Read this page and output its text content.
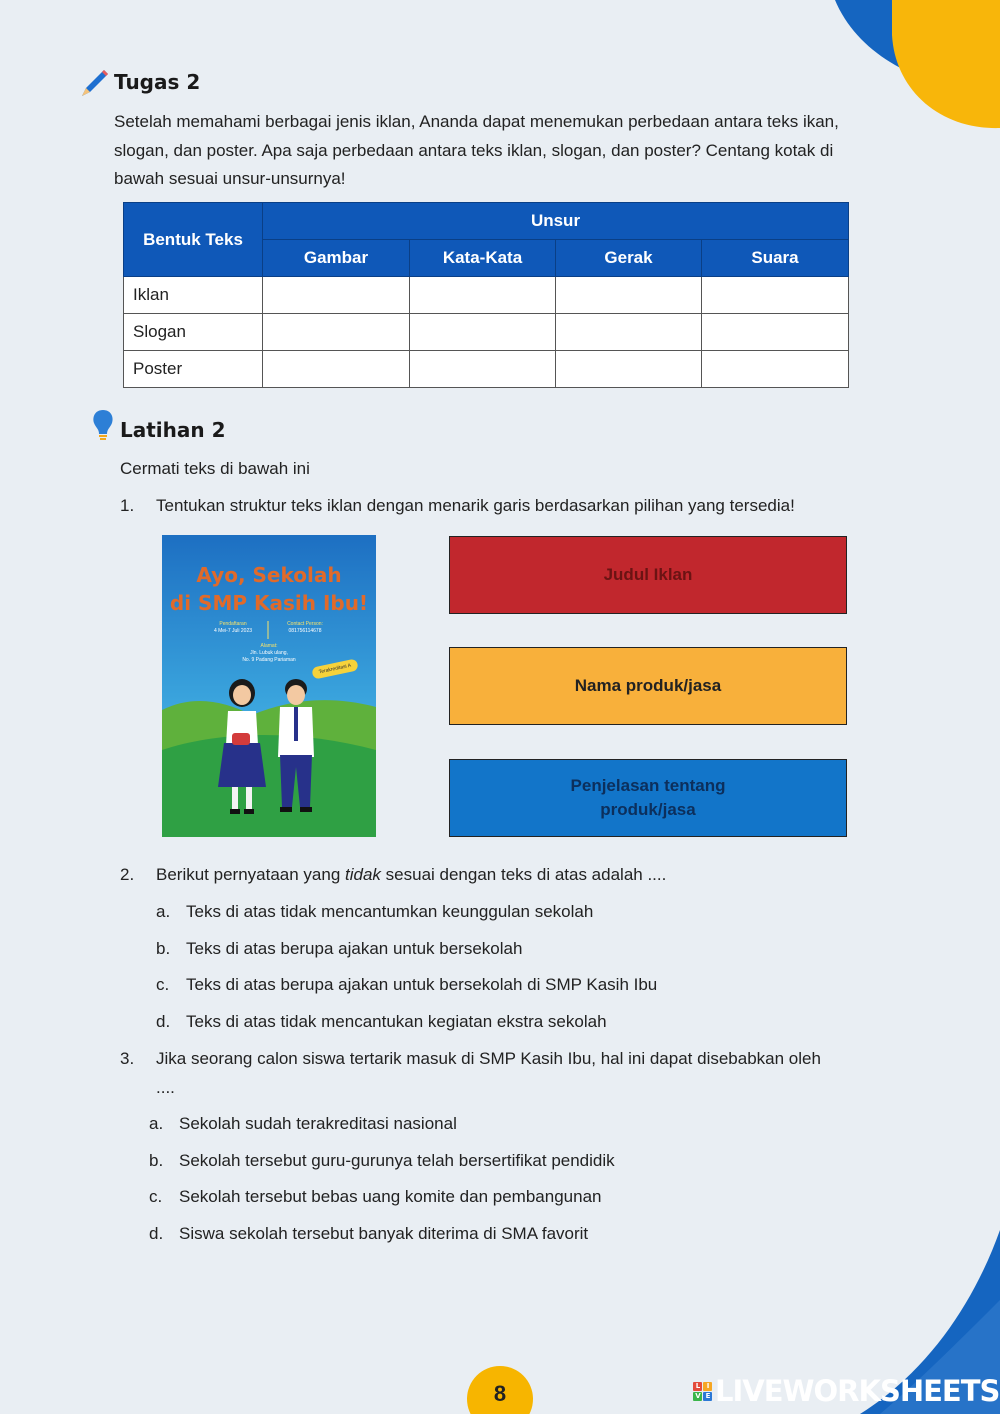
Tugas 2

Setelah memahami berbagai jenis iklan, Ananda dapat menemukan perbedaan antara teks ikan, slogan, dan poster. Apa saja perbedaan antara teks iklan, slogan, dan poster? Centang kotak di bawah sesuai unsur-unsurnya!

Bentuk Teks	Unsur			
	Gambar	Kata-Kata	Gerak	Suara
Iklan				
Slogan				
Poster				
Latihan 2
Cermati teks di bawah ini
1. Tentukan struktur teks iklan dengan menarik garis berdasarkan pilihan yang tersedia!
Ayo, Sekolah
di SMP Kasih Ibu!
Pendaftaran
4 Mei-7 Juli 2023
Contact Person:
081756114678
Alamat:
Jln. Lubuk ulang,
No. 9 Padang Pariaman
Terakreditasi A
Judul Iklan
Nama produk/jasa
Penjelasan tentang produk/jasa
2. Berikut pernyataan yang tidak sesuai dengan teks di atas adalah ....
a. Teks di atas tidak mencantumkan keunggulan sekolah
b. Teks di atas berupa ajakan untuk bersekolah
c. Teks di atas berupa ajakan untuk bersekolah di SMP Kasih Ibu
d. Teks di atas tidak mencantukan kegiatan ekstra sekolah
3. Jika seorang calon siswa tertarik masuk di SMP Kasih Ibu, hal ini dapat disebabkan oleh
....
a. Sekolah sudah terakreditasi nasional
b. Sekolah tersebut guru-gurunya telah bersertifikat pendidik
c. Sekolah tersebut bebas uang komite dan pembangunan
d. Siswa sekolah tersebut banyak diterima di SMA favorit
8	L	I
V E LIVEWORKSHEETS
